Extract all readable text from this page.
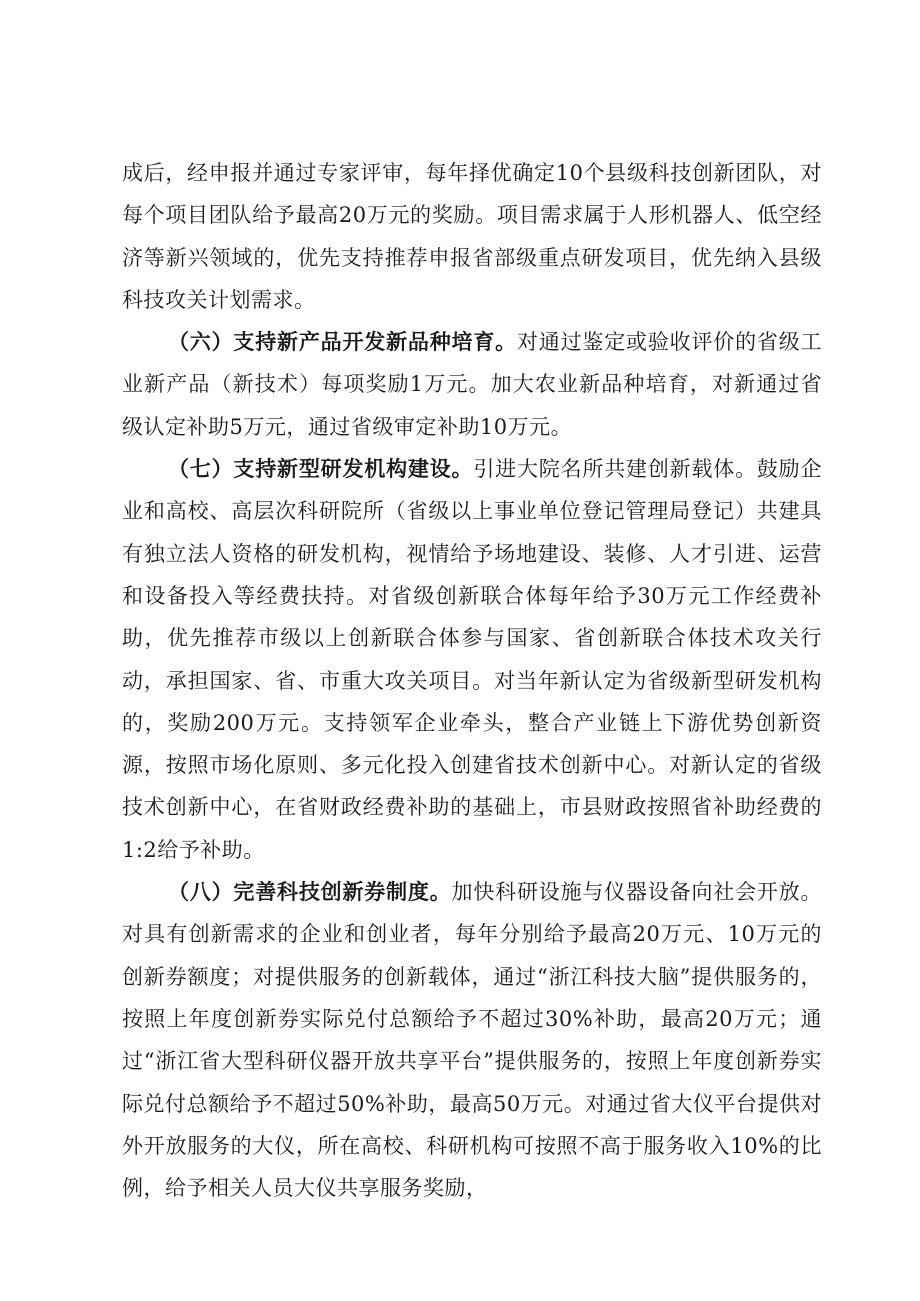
成后，经申报并通过专家评审，每年择优确定10个县级科技创新团队，对每个项目团队给予最高20万元的奖励。项目需求属于人形机器人、低空经济等新兴领域的，优先支持推荐申报省部级重点研发项目，优先纳入县级科技攻关计划需求。

（六）支持新产品开发新品种培育。对通过鉴定或验收评价的省级工业新产品（新技术）每项奖励1万元。加大农业新品种培育，对新通过省级认定补助5万元，通过省级审定补助10万元。

（七）支持新型研发机构建设。引进大院名所共建创新载体。鼓励企业和高校、高层次科研院所（省级以上事业单位登记管理局登记）共建具有独立法人资格的研发机构，视情给予场地建设、装修、人才引进、运营和设备投入等经费扶持。对省级创新联合体每年给予30万元工作经费补助，优先推荐市级以上创新联合体参与国家、省创新联合体技术攻关行动，承担国家、省、市重大攻关项目。对当年新认定为省级新型研发机构的，奖励200万元。支持领军企业牵头，整合产业链上下游优势创新资源，按照市场化原则、多元化投入创建省技术创新中心。对新认定的省级技术创新中心，在省财政经费补助的基础上，市县财政按照省补助经费的1:2给予补助。

（八）完善科技创新券制度。加快科研设施与仪器设备向社会开放。对具有创新需求的企业和创业者，每年分别给予最高20万元、10万元的创新券额度；对提供服务的创新载体，通过“浙江科技大脑”提供服务的，按照上年度创新券实际兑付总额给予不超过30%补助，最高20万元；通过“浙江省大型科研仪器开放共享平台”提供服务的，按照上年度创新券实际兑付总额给予不超过50%补助，最高50万元。对通过省大仪平台提供对外开放服务的大仪，所在高校、科研机构可按照不高于服务收入10%的比例，给予相关人员大仪共享服务奖励，
